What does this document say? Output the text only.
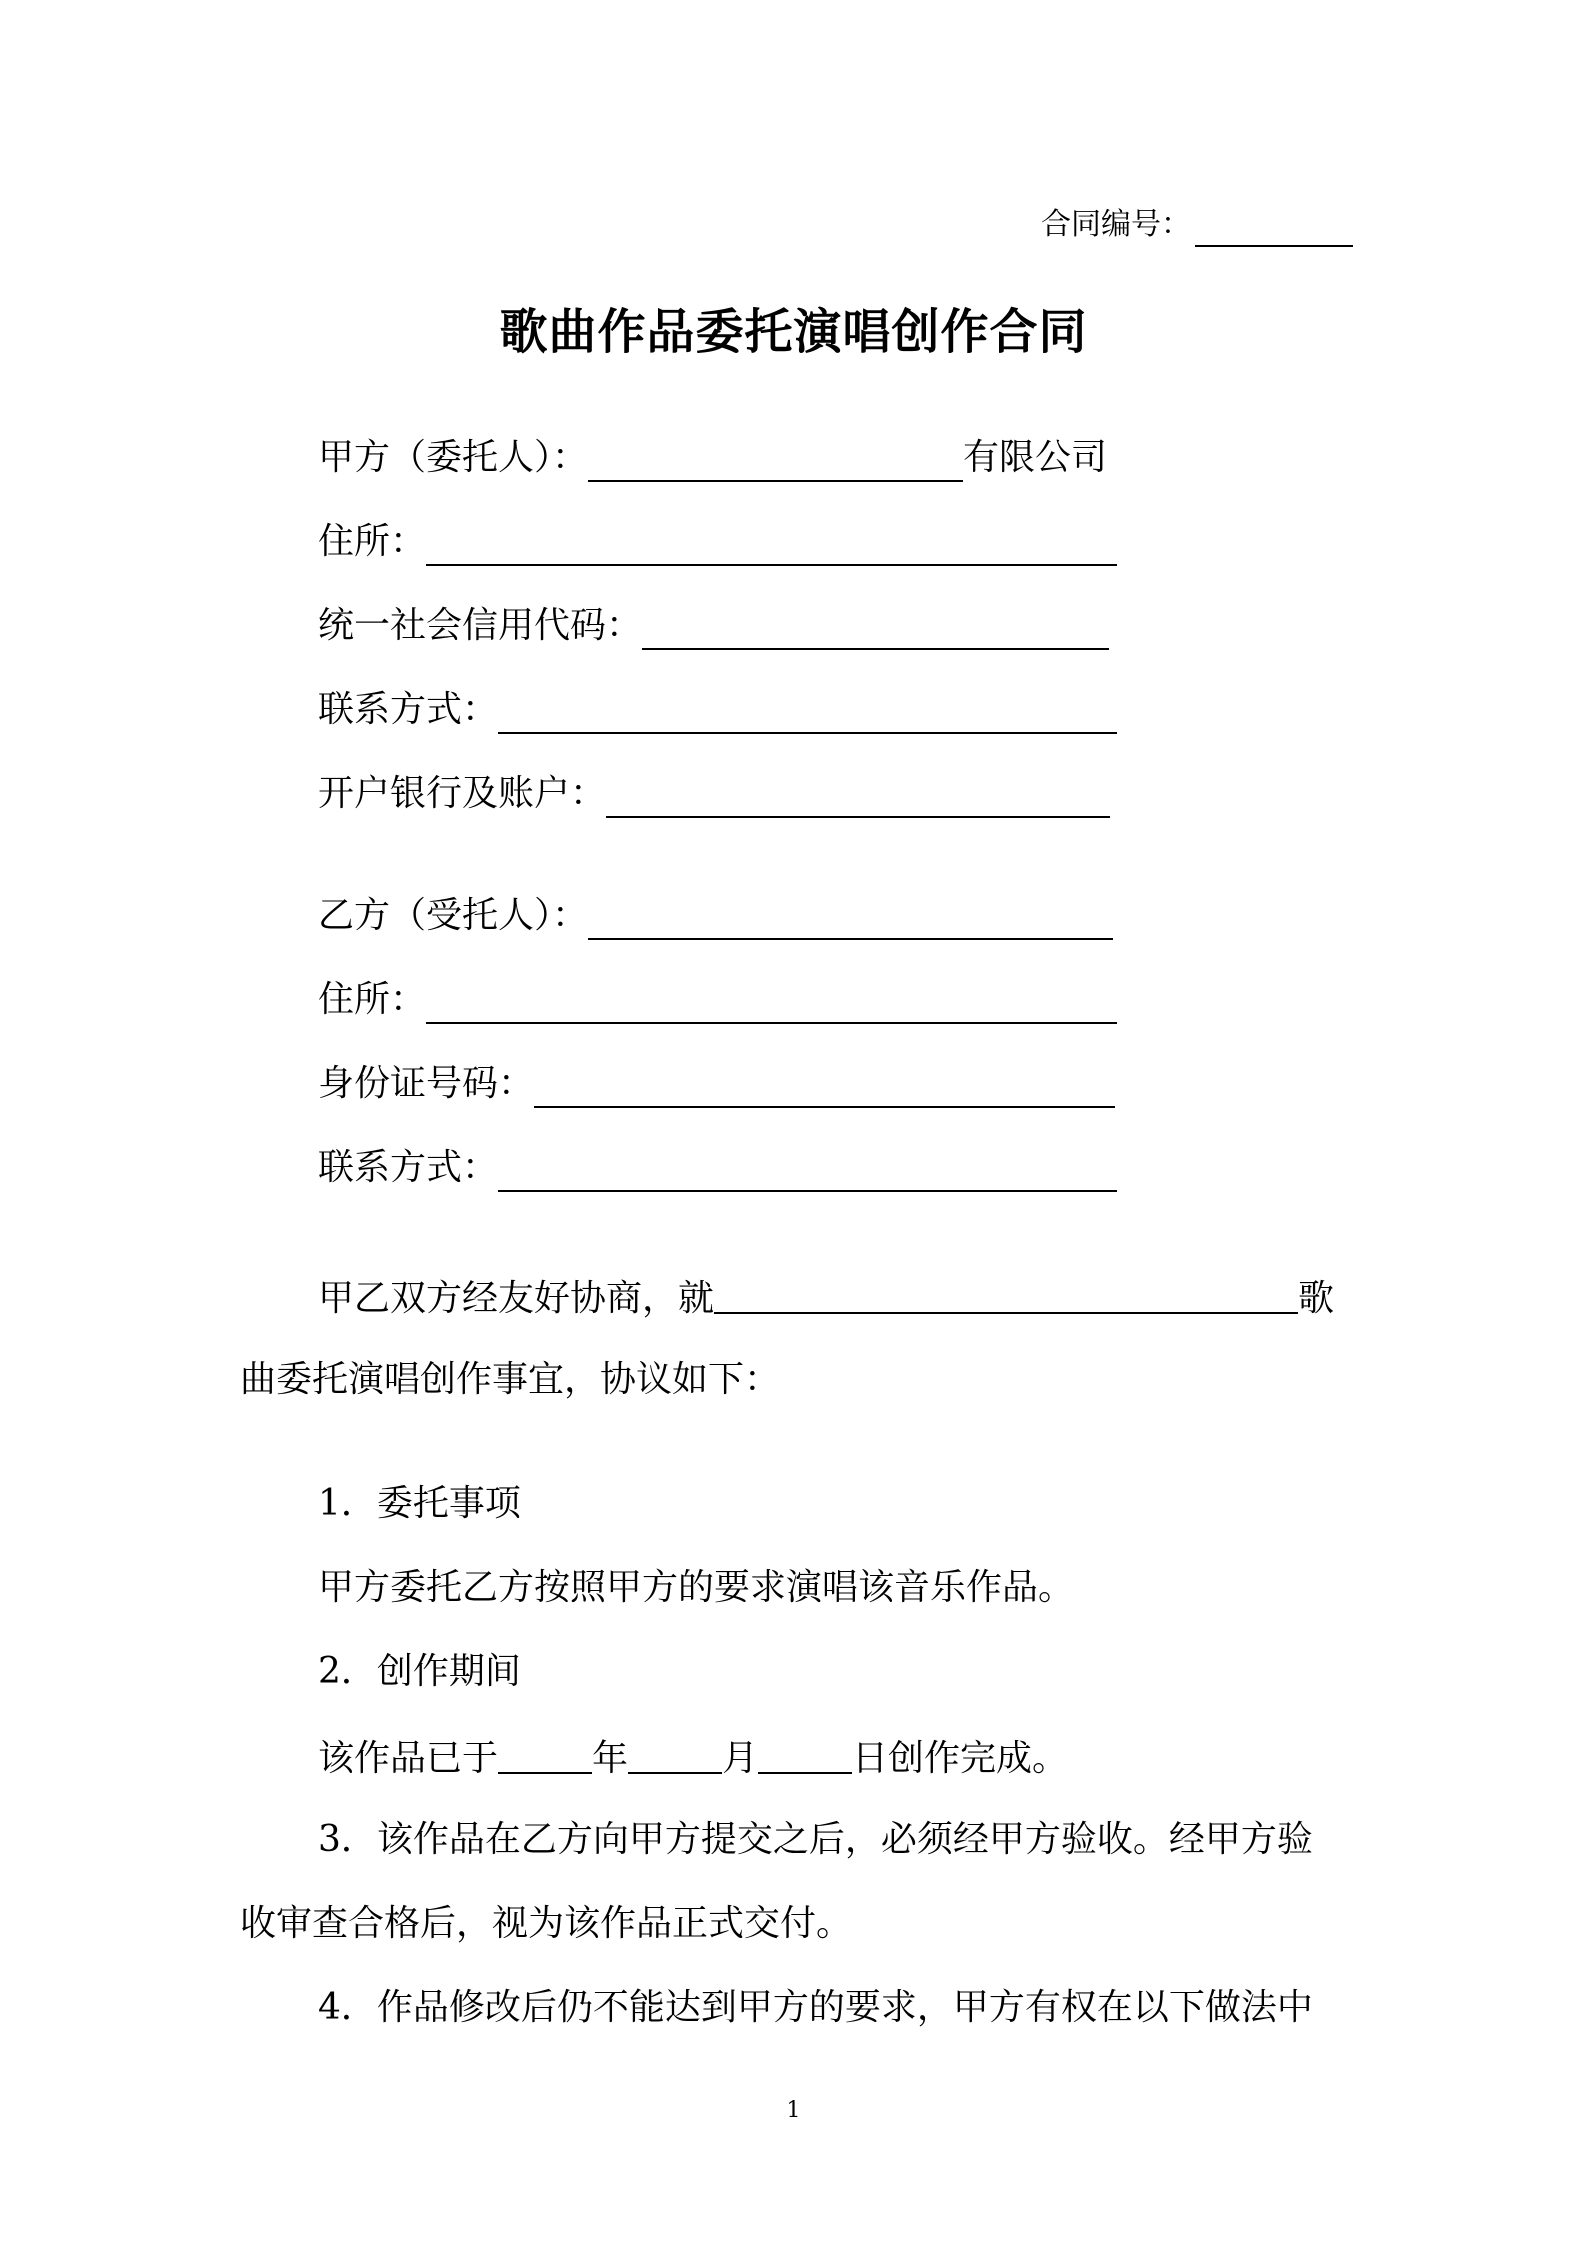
合同编号：
歌曲作品委托演唱创作合同
甲方（委托人）：	有限公司
住所：
统一社会信用代码：
联系方式：
开户银行及账户：
乙方（受托人）：
住所：
身份证号码：
联系方式：
甲乙双方经友好协商，就	歌
曲委托演唱创作事宜，协议如下：
1．委托事项
甲方委托乙方按照甲方的要求演唱该音乐作品。
2．创作期间
该作品已于	年	月	日创作完成。
3．该作品在乙方向甲方提交之后，必须经甲方验收。经甲方验
收审查合格后，视为该作品正式交付。
4．作品修改后仍不能达到甲方的要求，甲方有权在以下做法中
1
